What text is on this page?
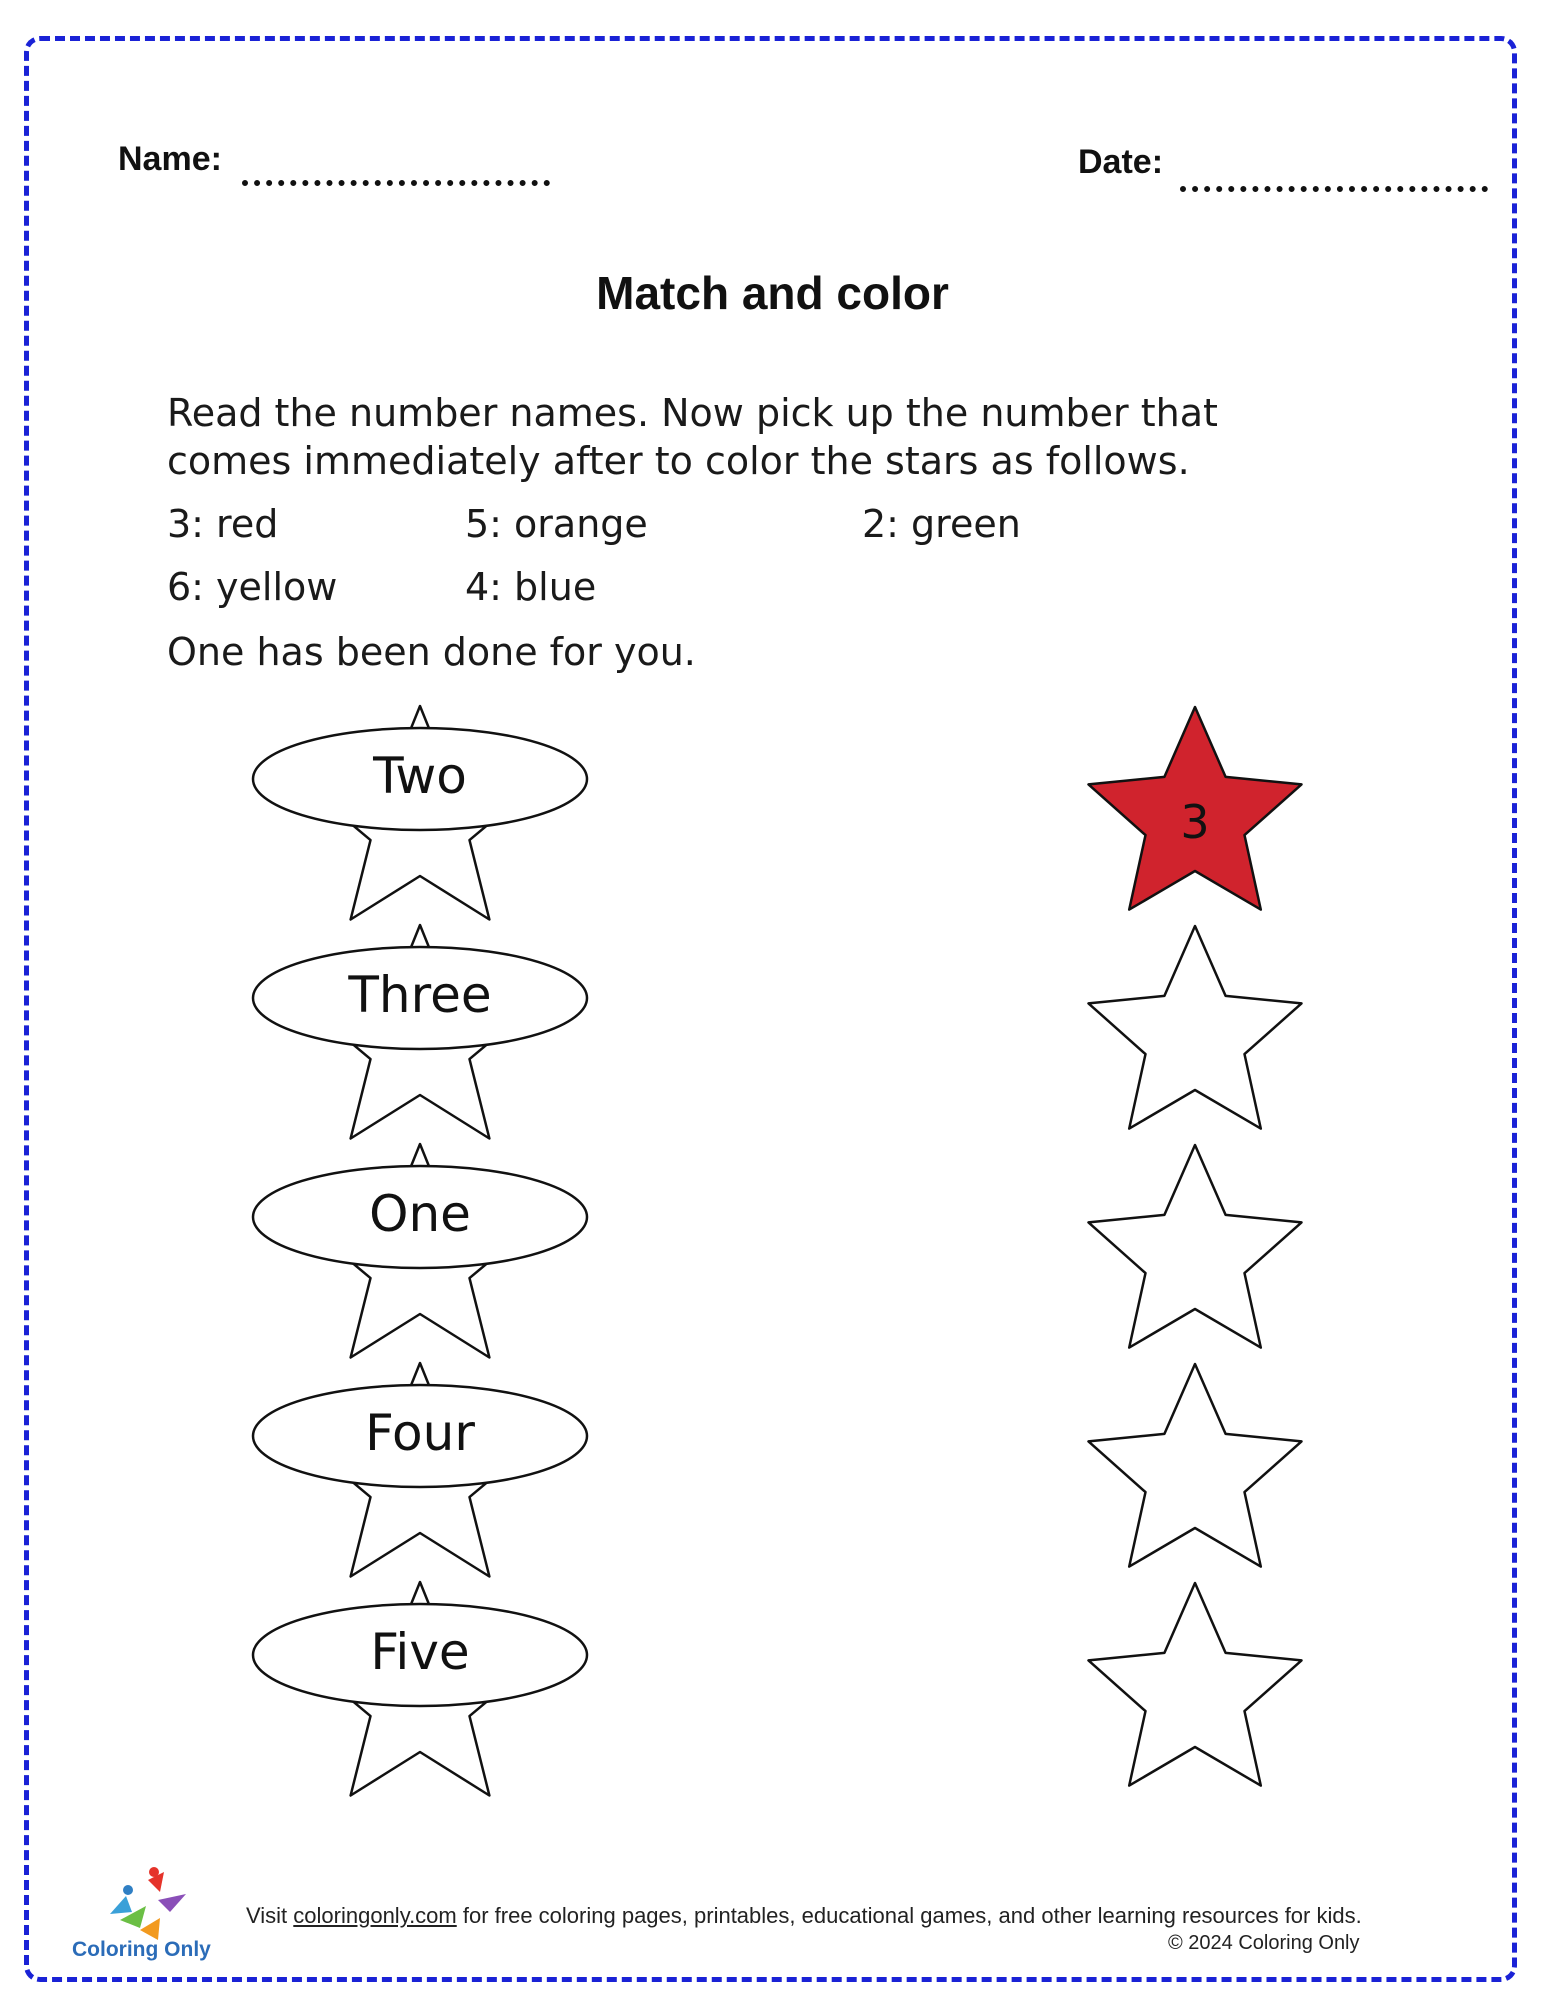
Name:	Date:
Match and color
Read the number names. Now pick up the number that
comes immediately after to color the stars as follows.
3: red	5: orange	2: green
6: yellow	4: blue
One has been done for you.
Two
Three
One
Four
Five
3
Visit coloringonly.com for free coloring pages, printables, educational games, and other learning resources for kids.
© 2024 Coloring Only
Coloring Only
